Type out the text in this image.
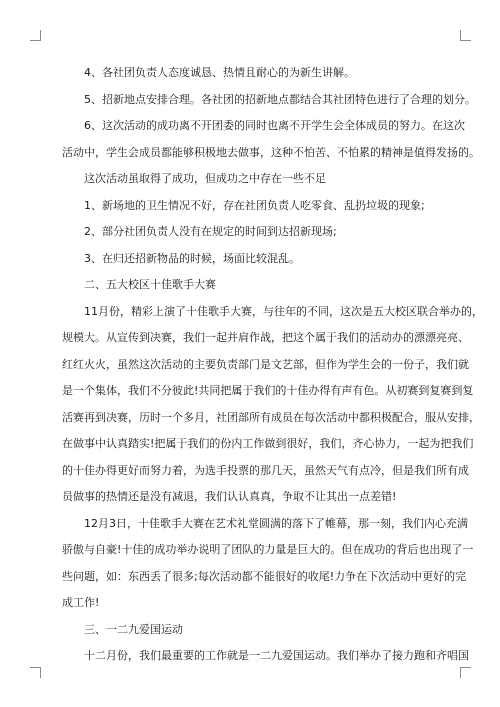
4、各社团负责人态度诚恳、热情且耐心的为新生讲解。
5、招新地点安排合理。各社团的招新地点都结合其社团特色进行了合理的划分。
6、这次活动的成功离不开团委的同时也离不开学生会全体成员的努力。在这次
活动中，学生会成员都能够积极地去做事，这种不怕苦、不怕累的精神是值得发扬的。
这次活动虽取得了成功，但成功之中存在一些不足
1、新场地的卫生情况不好，存在社团负责人吃零食、乱扔垃圾的现象;
2、部分社团负责人没有在规定的时间到达招新现场;
3、在归还招新物品的时候，场面比较混乱。
二、五大校区十佳歌手大赛
11月份，精彩上演了十佳歌手大赛，与往年的不同，这次是五大校区联合举办的，
规模大。从宣传到决赛，我们一起并肩作战，把这个属于我们的活动办的漂漂亮亮、
红红火火，虽然这次活动的主要负责部门是文艺部，但作为学生会的一份子，我们就
是一个集体，我们不分彼此!共同把属于我们的十佳办得有声有色。从初赛到复赛到复
活赛再到决赛，历时一个多月，社团部所有成员在每次活动中都积极配合，服从安排，
在做事中认真踏实!把属于我们的份内工作做到很好，我们，齐心协力，一起为把我们
的十佳办得更好而努力着，为选手投票的那几天，虽然天气有点冷，但是我们所有成
员做事的热情还是没有减退，我们认认真真，争取不让其出一点差错!
12月3日，十佳歌手大赛在艺术礼堂圆满的落下了帷幕，那一刻，我们内心充满
骄傲与自豪!十佳的成功举办说明了团队的力量是巨大的。但在成功的背后也出现了一
些问题，如：东西丢了很多;每次活动都不能很好的收尾!力争在下次活动中更好的完
成工作!
三、一二九爱国运动
十二月份，我们最重要的工作就是一二九爱国运动。我们举办了接力跑和齐唱国
